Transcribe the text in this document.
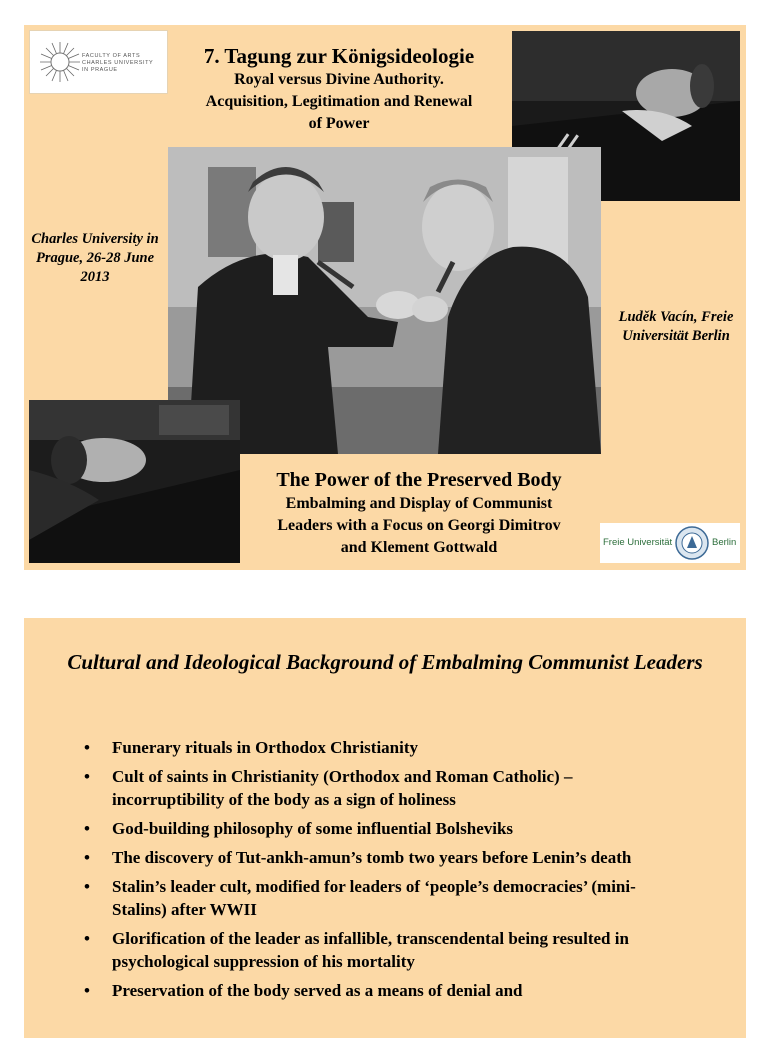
FACULTY OF ARTS
CHARLES UNIVERSITY
IN PRAGUE
7. Tagung zur Königsideologie
Royal versus Divine Authority.
Acquisition, Legitimation and Renewal
of Power
Charles University in Prague, 26-28 June 2013
Luděk Vacín, Freie Universität Berlin
The Power of the Preserved Body
Embalming and Display of Communist
Leaders with a Focus on Georgi Dimitrov
and Klement Gottwald	Freie Universität	Berlin
Cultural and Ideological Background of Embalming Communist Leaders
• Funerary rituals in Orthodox Christianity
• Cult of saints in Christianity (Orthodox and Roman Catholic) – incorruptibility of the body as a sign of holiness
• God-building philosophy of some influential Bolsheviks
• The discovery of Tut-ankh-amun’s tomb two years before Lenin’s death
• Stalin’s leader cult, modified for leaders of ‘people’s democracies’ (mini-Stalins) after WWII
• Glorification of the leader as infallible, transcendental being resulted in psychological suppression of his mortality
• Preservation of the body served as a means of denial and
